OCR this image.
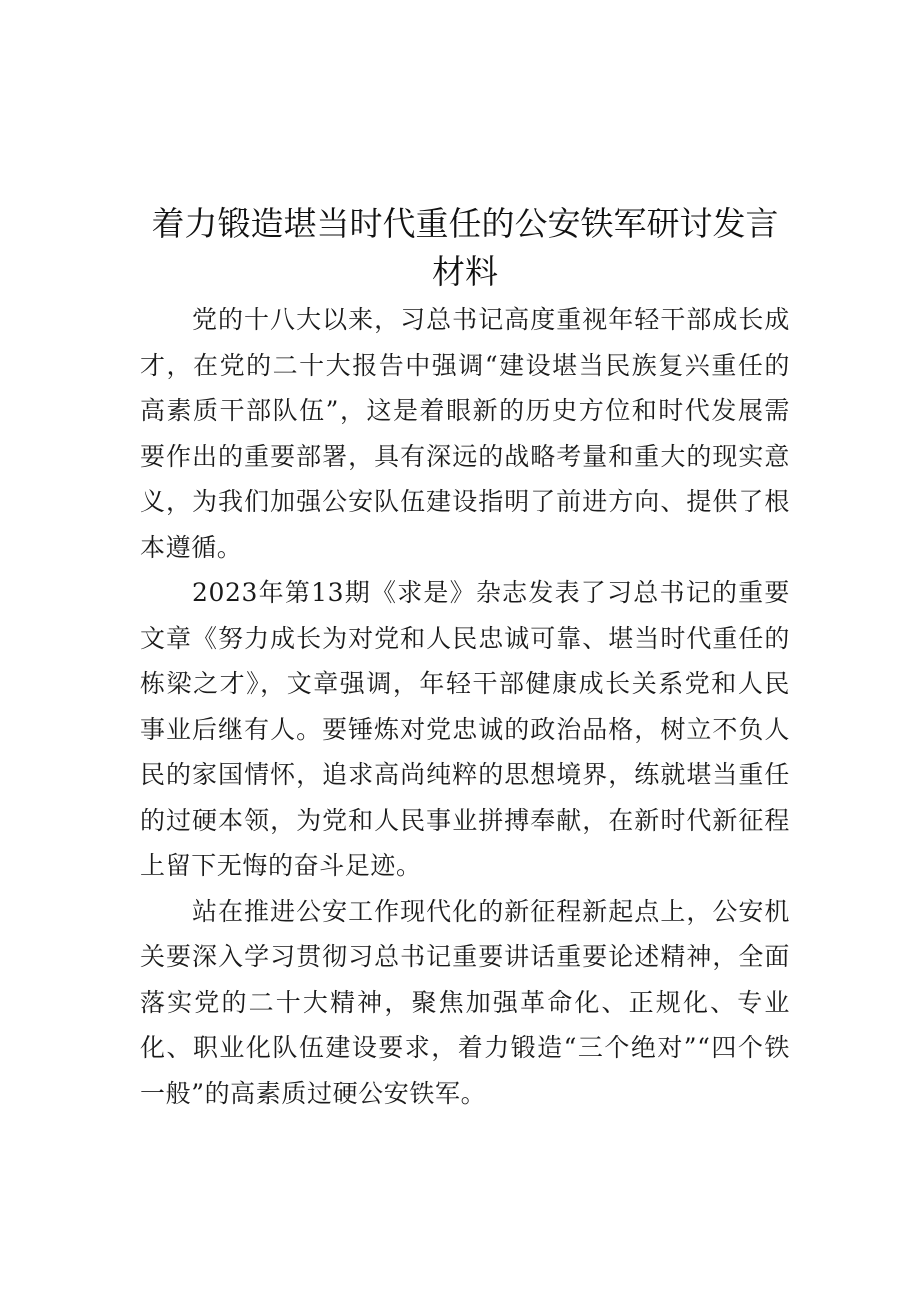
着力锻造堪当时代重任的公安铁军研讨发言材料

党的十八大以来，习总书记高度重视年轻干部成长成才，在党的二十大报告中强调“建设堪当民族复兴重任的高素质干部队伍”，这是着眼新的历史方位和时代发展需要作出的重要部署，具有深远的战略考量和重大的现实意义，为我们加强公安队伍建设指明了前进方向、提供了根本遵循。

2023年第13期《求是》杂志发表了习总书记的重要文章《努力成长为对党和人民忠诚可靠、堪当时代重任的栋梁之才》，文章强调，年轻干部健康成长关系党和人民事业后继有人。要锤炼对党忠诚的政治品格，树立不负人民的家国情怀，追求高尚纯粹的思想境界，练就堪当重任的过硬本领，为党和人民事业拼搏奉献，在新时代新征程上留下无悔的奋斗足迹。

站在推进公安工作现代化的新征程新起点上，公安机关要深入学习贯彻习总书记重要讲话重要论述精神，全面落实党的二十大精神，聚焦加强革命化、正规化、专业化、职业化队伍建设要求，着力锻造“三个绝对”“四个铁一般”的高素质过硬公安铁军。
